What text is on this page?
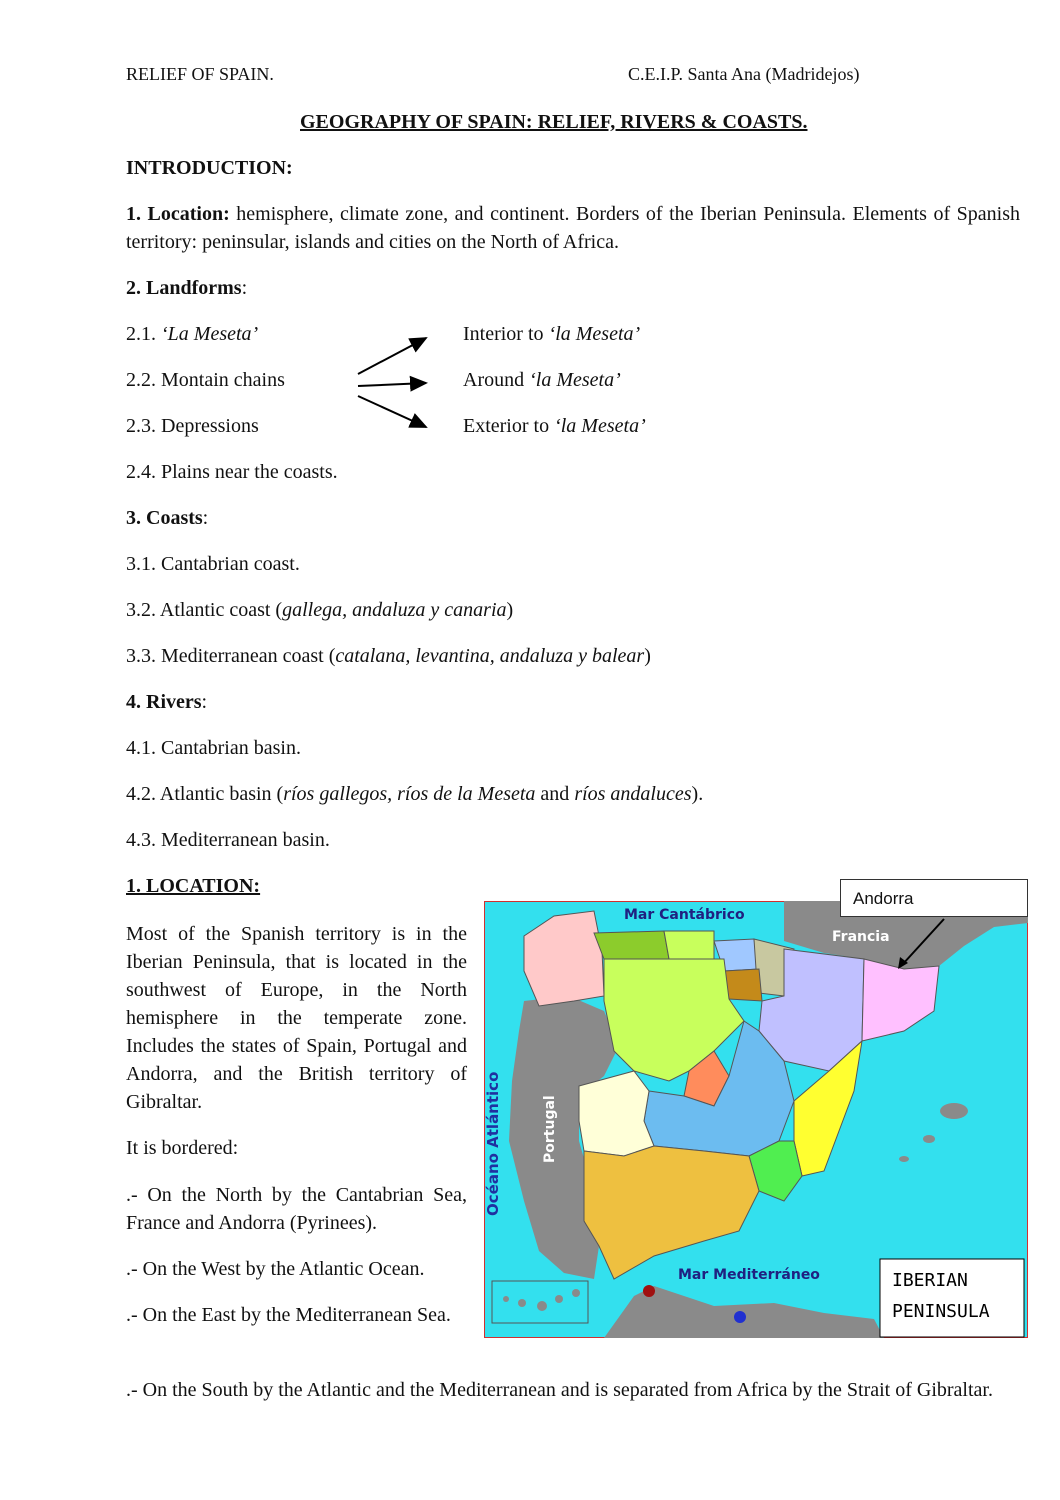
RELIEF OF SPAIN.	C.E.I.P. Santa Ana (Madridejos)
GEOGRAPHY OF SPAIN: RELIEF, RIVERS & COASTS.
INTRODUCTION:
1. Location: hemisphere, climate zone, and continent. Borders of the Iberian Peninsula. Elements of Spanish territory: peninsular, islands and cities on the North of Africa.
2. Landforms:
2.1. ‘La Meseta’
2.2. Montain chains
2.3. Depressions
2.4. Plains near the coasts.
Interior to ‘la Meseta’
Around ‘la Meseta’
Exterior to ‘la Meseta’
3. Coasts:
3.1. Cantabrian coast.
3.2. Atlantic coast (gallega, andaluza y canaria)
3.3. Mediterranean coast (catalana, levantina, andaluza y balear)
4. Rivers:
4.1. Cantabrian basin.
4.2. Atlantic basin (ríos gallegos, ríos de la Meseta and ríos andaluces).
4.3. Mediterranean basin.
1. LOCATION:
Most of the Spanish territory is in the Iberian Peninsula, that is located in the southwest of Europe, in the North hemisphere in the temperate zone. Includes the states of Spain, Portugal and Andorra, and the British territory of Gibraltar.
It is bordered:
.- On the North by the Cantabrian Sea, France and Andorra (Pyrinees).
.- On the West by the Atlantic Ocean.
.- On the East by the Mediterranean Sea.
.- On the South by the Atlantic and the Mediterranean and is separated from Africa by the Strait of Gibraltar.
Mar Cantábrico
Francia
Portugal
Océano Atlántico
Mar Mediterráneo	IBERIAN
PENINSULA
Andorra
